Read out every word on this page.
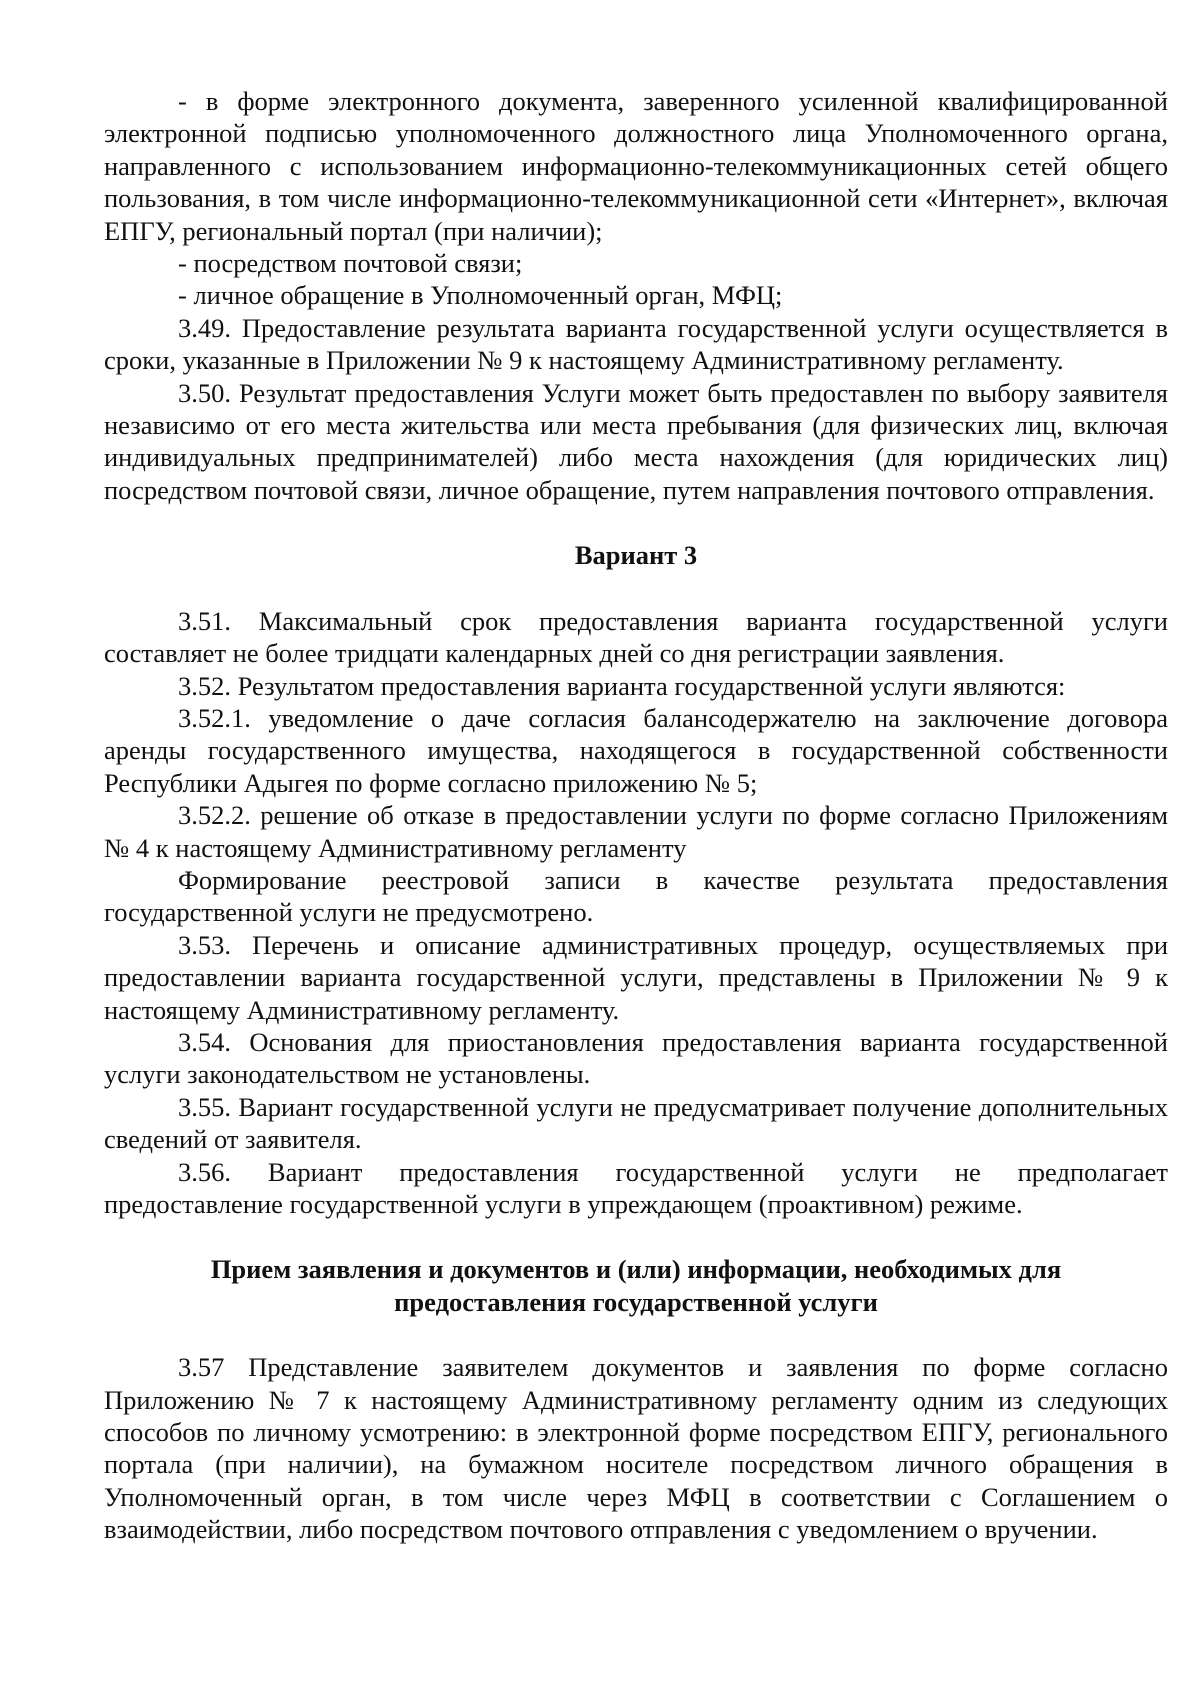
- в форме электронного документа, заверенного усиленной квалифицированной электронной подписью уполномоченного должностного лица Уполномоченного органа, направленного с использованием информационно-телекоммуникационных сетей общего пользования, в том числе информационно-телекоммуникационной сети «Интернет», включая ЕПГУ, региональный портал (при наличии);

- посредством почтовой связи;

- личное обращение в Уполномоченный орган, МФЦ;

3.49. Предоставление результата варианта государственной услуги осуществляется в сроки, указанные в Приложении № 9 к настоящему Административному регламенту.

3.50. Результат предоставления Услуги может быть предоставлен по выбору заявителя независимо от его места жительства или места пребывания (для физических лиц, включая индивидуальных предпринимателей) либо места нахождения (для юридических лиц) посредством почтовой связи, личное обращение, путем направления почтового отправления.

Вариант 3

3.51. Максимальный срок предоставления варианта государственной услуги составляет не более тридцати календарных дней со дня регистрации заявления.

3.52. Результатом предоставления варианта государственной услуги являются:

3.52.1. уведомление о даче согласия балансодержателю на заключение договора аренды государственного имущества, находящегося в государственной собственности Республики Адыгея по форме согласно приложению № 5;

3.52.2. решение об отказе в предоставлении услуги по форме согласно Приложениям № 4 к настоящему Административному регламенту

Формирование реестровой записи в качестве результата предоставления государственной услуги не предусмотрено.

3.53. Перечень и описание административных процедур, осуществляемых при предоставлении варианта государственной услуги, представлены в Приложении № 9 к настоящему Административному регламенту.

3.54. Основания для приостановления предоставления варианта государственной услуги законодательством не установлены.

3.55. Вариант государственной услуги не предусматривает получение дополнительных сведений от заявителя.

3.56. Вариант предоставления государственной услуги не предполагает предоставление государственной услуги в упреждающем (проактивном) режиме.

Прием заявления и документов и (или) информации, необходимых для предоставления государственной услуги

3.57 Представление заявителем документов и заявления по форме согласно Приложению № 7 к настоящему Административному регламенту одним из следующих способов по личному усмотрению: в электронной форме посредством ЕПГУ, регионального портала (при наличии), на бумажном носителе посредством личного обращения в Уполномоченный орган, в том числе через МФЦ в соответствии с Соглашением о взаимодействии, либо посредством почтового отправления с уведомлением о вручении.
